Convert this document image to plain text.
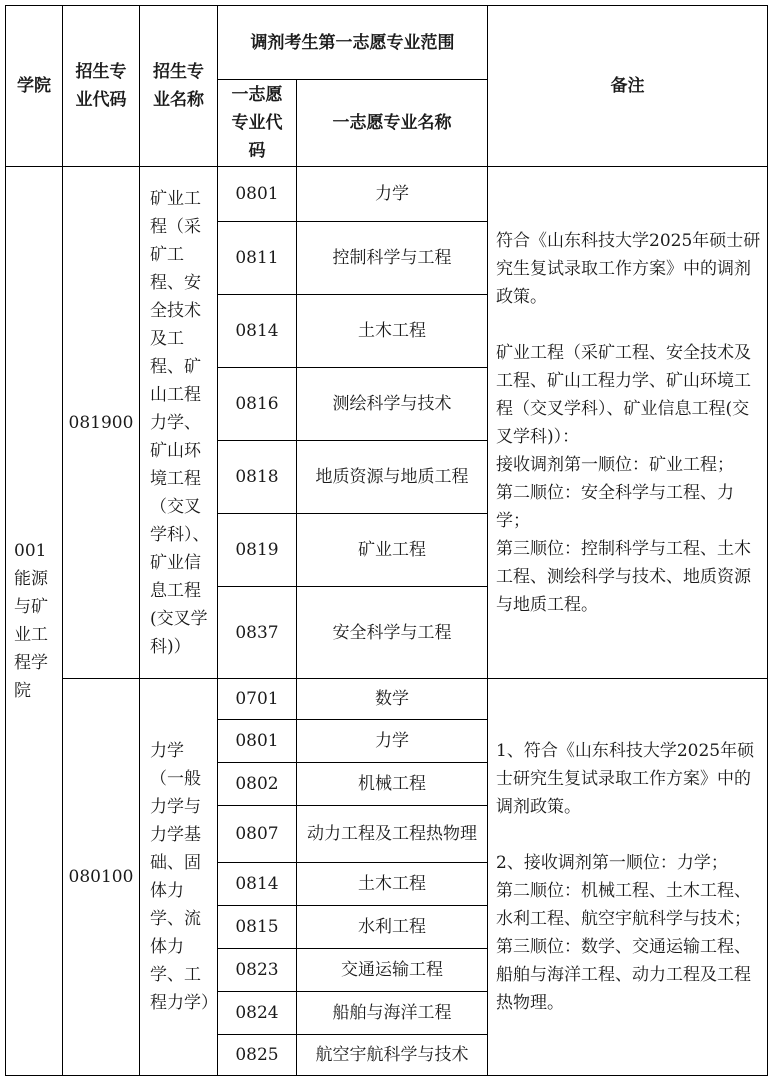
学院	招生专业代码	招生专业名称	调剂考生第一志愿专业范围		备注
			一志愿专业代码	一志愿专业名称	
001能源与矿业工程学院	081900	矿业工程（采矿工程、安全技术及工程、矿山工程力学、矿山环境工程（交叉学科）、矿业信息工程(交叉学科)）	0801	力学	符合《山东科技大学2025年硕士研究生复试录取工作方案》中的调剂政策。

矿业工程（采矿工程、安全技术及工程、矿山工程力学、矿山环境工程（交叉学科）、矿业信息工程(交叉学科)）：

接收调剂第一顺位：矿业工程；

第二顺位：安全科学与工程、力学；

第三顺位：控制科学与工程、土木工程、测绘科学与技术、地质资源与地质工程。

			0811	控制科学与工程	
			0814	土木工程	
			0816	测绘科学与技术	
			0818	地质资源与地质工程	
			0819	矿业工程	
			0837	安全科学与工程	
	080100	力学（一般力学与力学基础、固体力学、流体力学、工程力学）	0701	数学	1、符合《山东科技大学2025年硕士研究生复试录取工作方案》中的调剂政策。

2、接收调剂第一顺位：力学；

第二顺位：机械工程、土木工程、水利工程、航空宇航科学与技术；

第三顺位：数学、交通运输工程、船舶与海洋工程、动力工程及工程热物理。

			0801	力学	
			0802	机械工程	
			0807	动力工程及工程热物理	
			0814	土木工程	
			0815	水利工程	
			0823	交通运输工程	
			0824	船舶与海洋工程	
			0825	航空宇航科学与技术	
